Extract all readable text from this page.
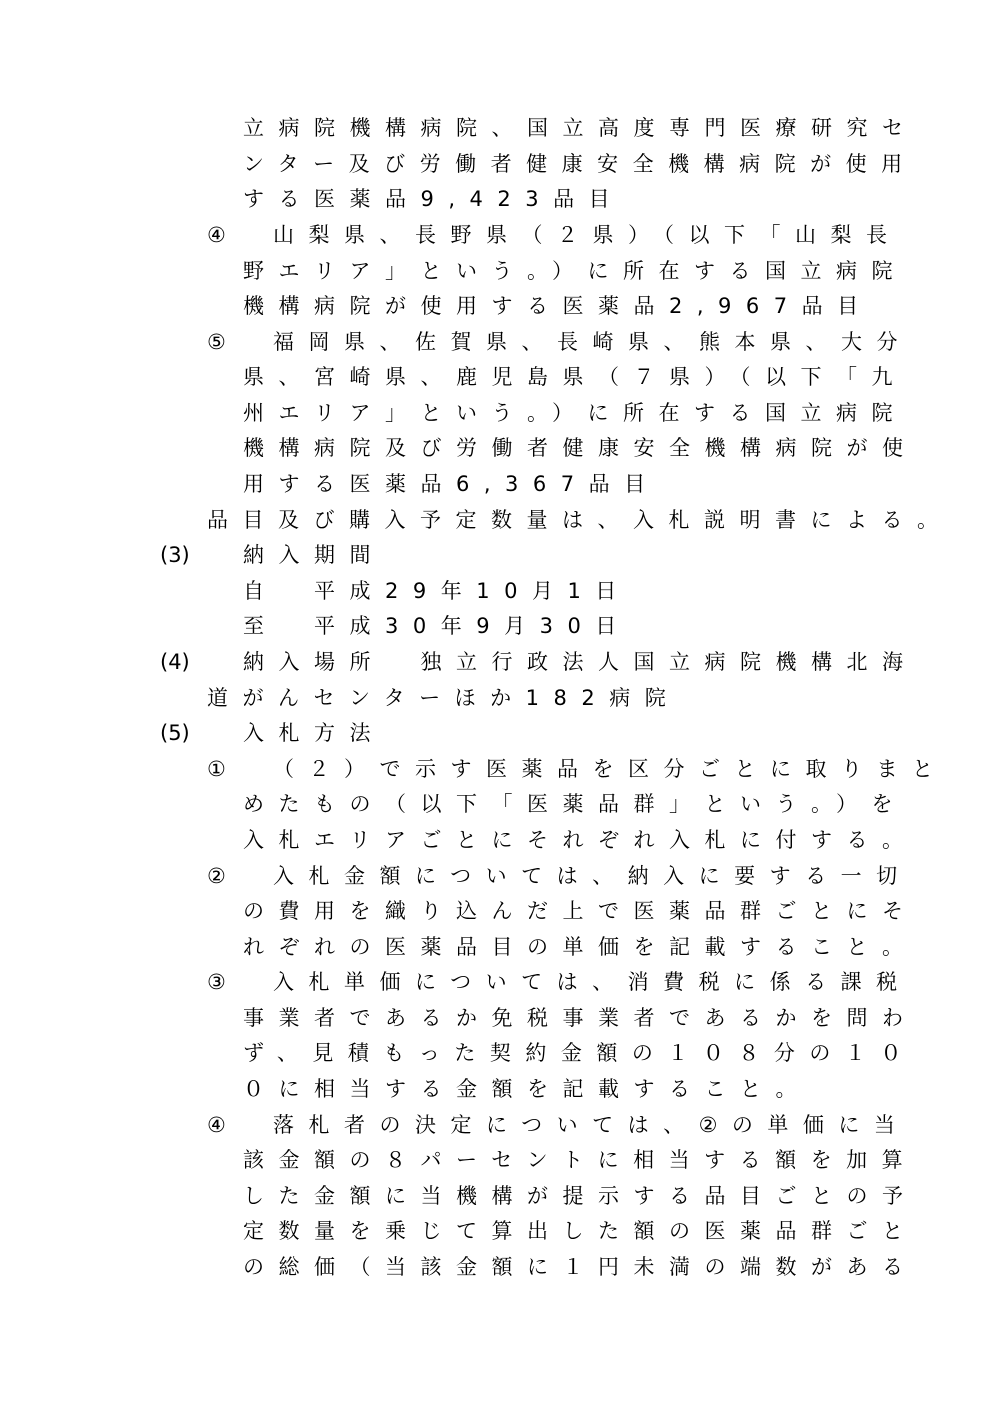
立病院機構病院、国立高度専門医療研究セ
ンター及び労働者健康安全機構病院が使用
する医薬品9,423品目
④ 山梨県、長野県（２県）（以下「山梨長
野エリア」という。）に所在する国立病院
機構病院が使用する医薬品2,967品目
⑤ 福岡県、佐賀県、長崎県、熊本県、大分
県、宮崎県、鹿児島県（７県）（以下「九
州エリア」という。）に所在する国立病院
機構病院及び労働者健康安全機構病院が使
用する医薬品6,367品目
品目及び購入予定数量は、入札説明書による。
(3)	納入期間
自　平成29年10月1日
至　平成30年9月30日
(4)	納入場所　独立行政法人国立病院機構北海
道がんセンターほか182病院
(5)	入札方法
① （２）で示す医薬品を区分ごとに取りまと
めたもの（以下「医薬品群」という。）を
入札エリアごとにそれぞれ入札に付する。
② 入札金額については、納入に要する一切
の費用を織り込んだ上で医薬品群ごとにそ
れぞれの医薬品目の単価を記載すること。
③ 入札単価については、消費税に係る課税
事業者であるか免税事業者であるかを問わ
ず、見積もった契約金額の１０８分の１０
０に相当する金額を記載すること。
④ 落札者の決定については、②の単価に当
該金額の８パーセントに相当する額を加算
した金額に当機構が提示する品目ごとの予
定数量を乗じて算出した額の医薬品群ごと
の総価（当該金額に１円未満の端数がある
